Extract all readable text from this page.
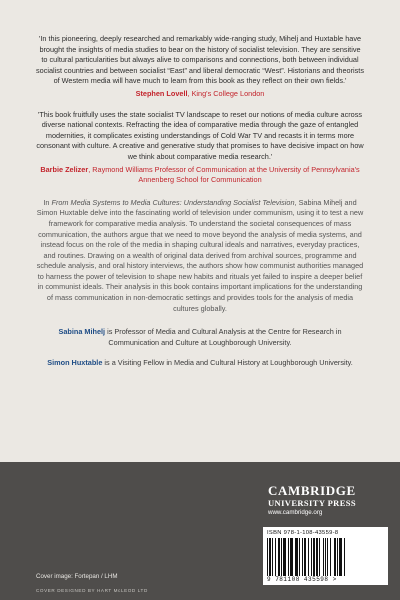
'In this pioneering, deeply researched and remarkably wide-ranging study, Mihelj and Huxtable have brought the insights of media studies to bear on the history of socialist television. They are sensitive to cultural particularities but always alive to comparisons and connections, both between individual socialist countries and between socialist “East” and liberal democratic “West”. Historians and theorists of Western media will have much to learn from this book as they reflect on their own fields.'

Stephen Lovell, King's College London

'This book fruitfully uses the state socialist TV landscape to reset our notions of media culture across diverse national contexts. Refracting the idea of comparative media through the gaze of entangled modernities, it complicates existing understandings of Cold War TV and recasts it in terms more consonant with culture. A creative and generative study that promises to have decisive impact on how we think about comparative media research.'

Barbie Zelizer, Raymond Williams Professor of Communication at the University of Pennsylvania's Annenberg School for Communication

In From Media Systems to Media Cultures: Understanding Socialist Television, Sabina Mihelj and Simon Huxtable delve into the fascinating world of television under communism, using it to test a new framework for comparative media analysis. To understand the societal consequences of mass communication, the authors argue that we need to move beyond the analysis of media systems, and instead focus on the role of the media in shaping cultural ideals and narratives, everyday practices, and routines. Drawing on a wealth of original data derived from archival sources, programme and schedule analysis, and oral history interviews, the authors show how communist authorities managed to harness the power of television to shape new habits and rituals yet failed to inspire a deeper belief in communist ideals. Their analysis in this book contains important implications for the understanding of mass communication in non-democratic settings and provides tools for the analysis of media cultures globally.

Sabina Mihelj is Professor of Media and Cultural Analysis at the Centre for Research in Communication and Culture at Loughborough University.

Simon Huxtable is a Visiting Fellow in Media and Cultural History at Loughborough University.

CAMBRIDGE
UNIVERSITY PRESS
www.cambridge.org
ISBN 978-1-108-43559-8
9 781108 435598 >
Cover image: Fortepan / LHM
COVER DESIGNED BY HART McLEOD LTD
